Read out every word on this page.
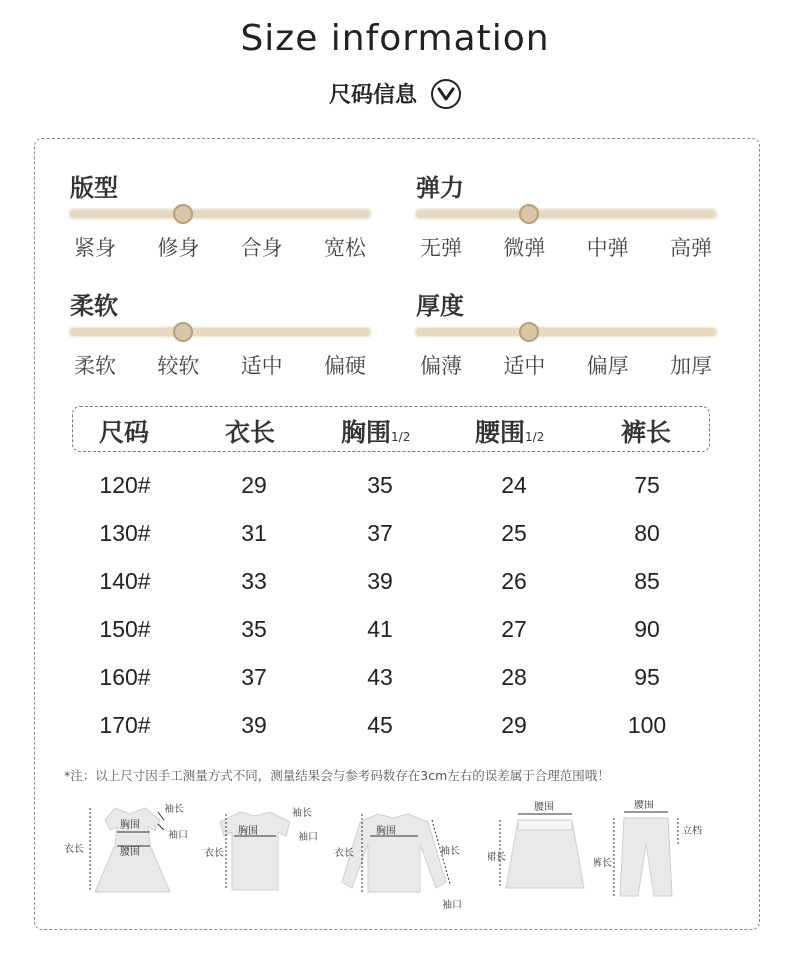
Size information
尺码信息
版型
紧身 修身 合身 宽松
弹力
无弹 微弹 中弹 高弹
柔软
柔软 较软 适中 偏硬
厚度
偏薄 适中 偏厚 加厚
尺码	衣长	胸围1/2	腰围1/2	裤长
120#	29	35	24	75
130#	31	37	25	80
140#	33	39	26	85
150#	35	41	27	90
160#	37	43	28	95
170#	39	45	29	100
*注：以上尺寸因手工测量方式不同，测量结果会与参考码数存在3cm左右的误差属于合理范围哦！
胸围
腰围
衣长
袖长
袖口	胸围
衣长
袖长
袖口
胸围
衣长	袖长
袖口
腰围
裙长
腰围
裤长
立档
